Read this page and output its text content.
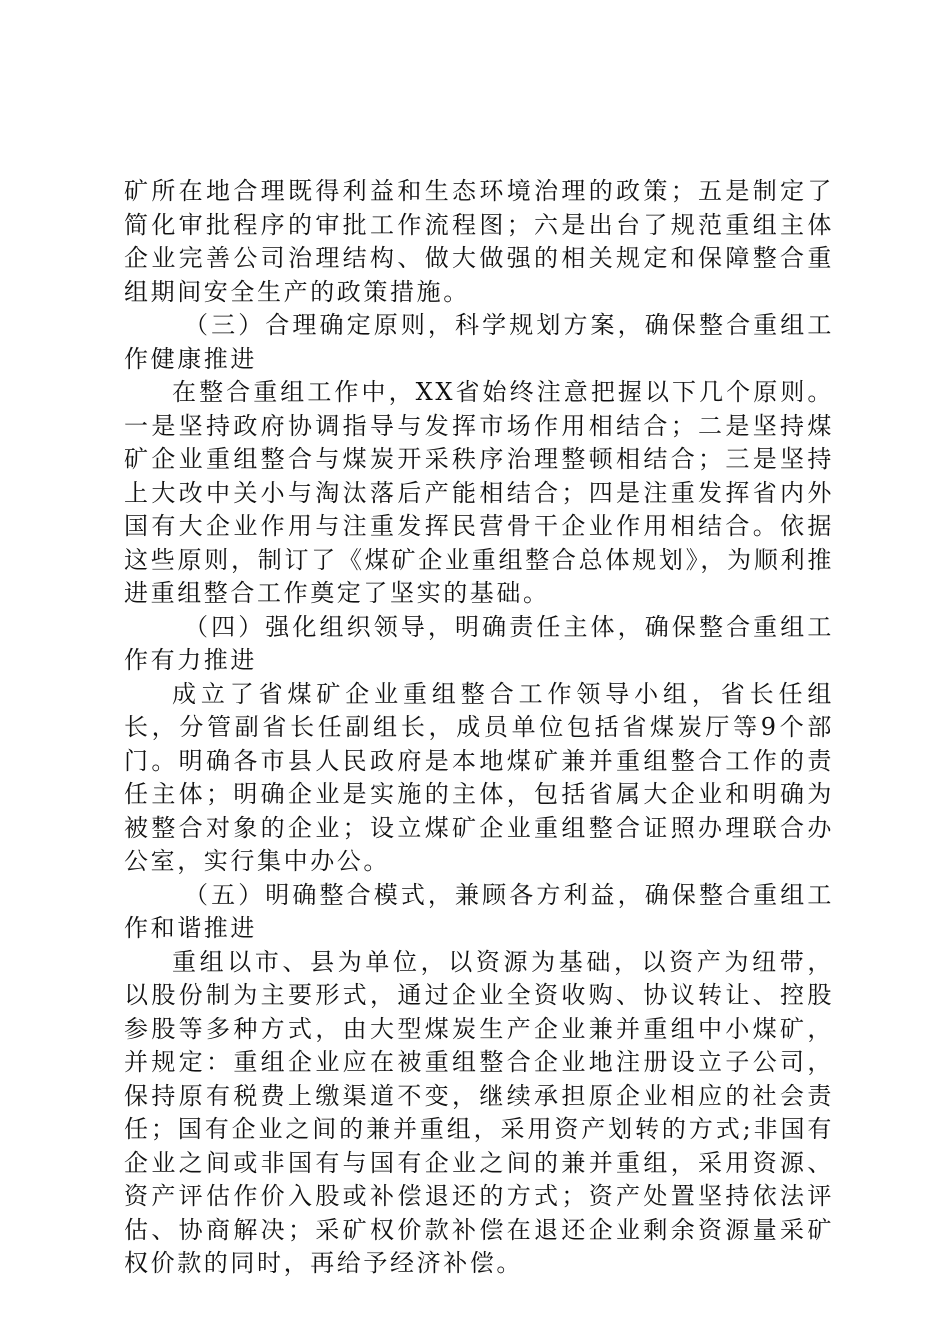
矿所在地合理既得利益和生态环境治理的政策；五是制定了简化审批程序的审批工作流程图；六是出台了规范重组主体企业完善公司治理结构、做大做强的相关规定和保障整合重组期间安全生产的政策措施。

（三）合理确定原则，科学规划方案，确保整合重组工作健康推进

在整合重组工作中，XX省始终注意把握以下几个原则。一是坚持政府协调指导与发挥市场作用相结合；二是坚持煤矿企业重组整合与煤炭开采秩序治理整顿相结合；三是坚持上大改中关小与淘汰落后产能相结合；四是注重发挥省内外国有大企业作用与注重发挥民营骨干企业作用相结合。依据这些原则，制订了《煤矿企业重组整合总体规划》，为顺利推进重组整合工作奠定了坚实的基础。

（四）强化组织领导，明确责任主体，确保整合重组工作有力推进

成立了省煤矿企业重组整合工作领导小组，省长任组长，分管副省长任副组长，成员单位包括省煤炭厅等9个部门。明确各市县人民政府是本地煤矿兼并重组整合工作的责任主体；明确企业是实施的主体，包括省属大企业和明确为被整合对象的企业；设立煤矿企业重组整合证照办理联合办公室，实行集中办公。

（五）明确整合模式，兼顾各方利益，确保整合重组工作和谐推进

重组以市、县为单位，以资源为基础，以资产为纽带，以股份制为主要形式，通过企业全资收购、协议转让、控股参股等多种方式，由大型煤炭生产企业兼并重组中小煤矿，并规定：重组企业应在被重组整合企业地注册设立子公司，保持原有税费上缴渠道不变，继续承担原企业相应的社会责任；国有企业之间的兼并重组，采用资产划转的方式;非国有企业之间或非国有与国有企业之间的兼并重组，采用资源、资产评估作价入股或补偿退还的方式；资产处置坚持依法评估、协商解决；采矿权价款补偿在退还企业剩余资源量采矿权价款的同时，再给予经济补偿。
